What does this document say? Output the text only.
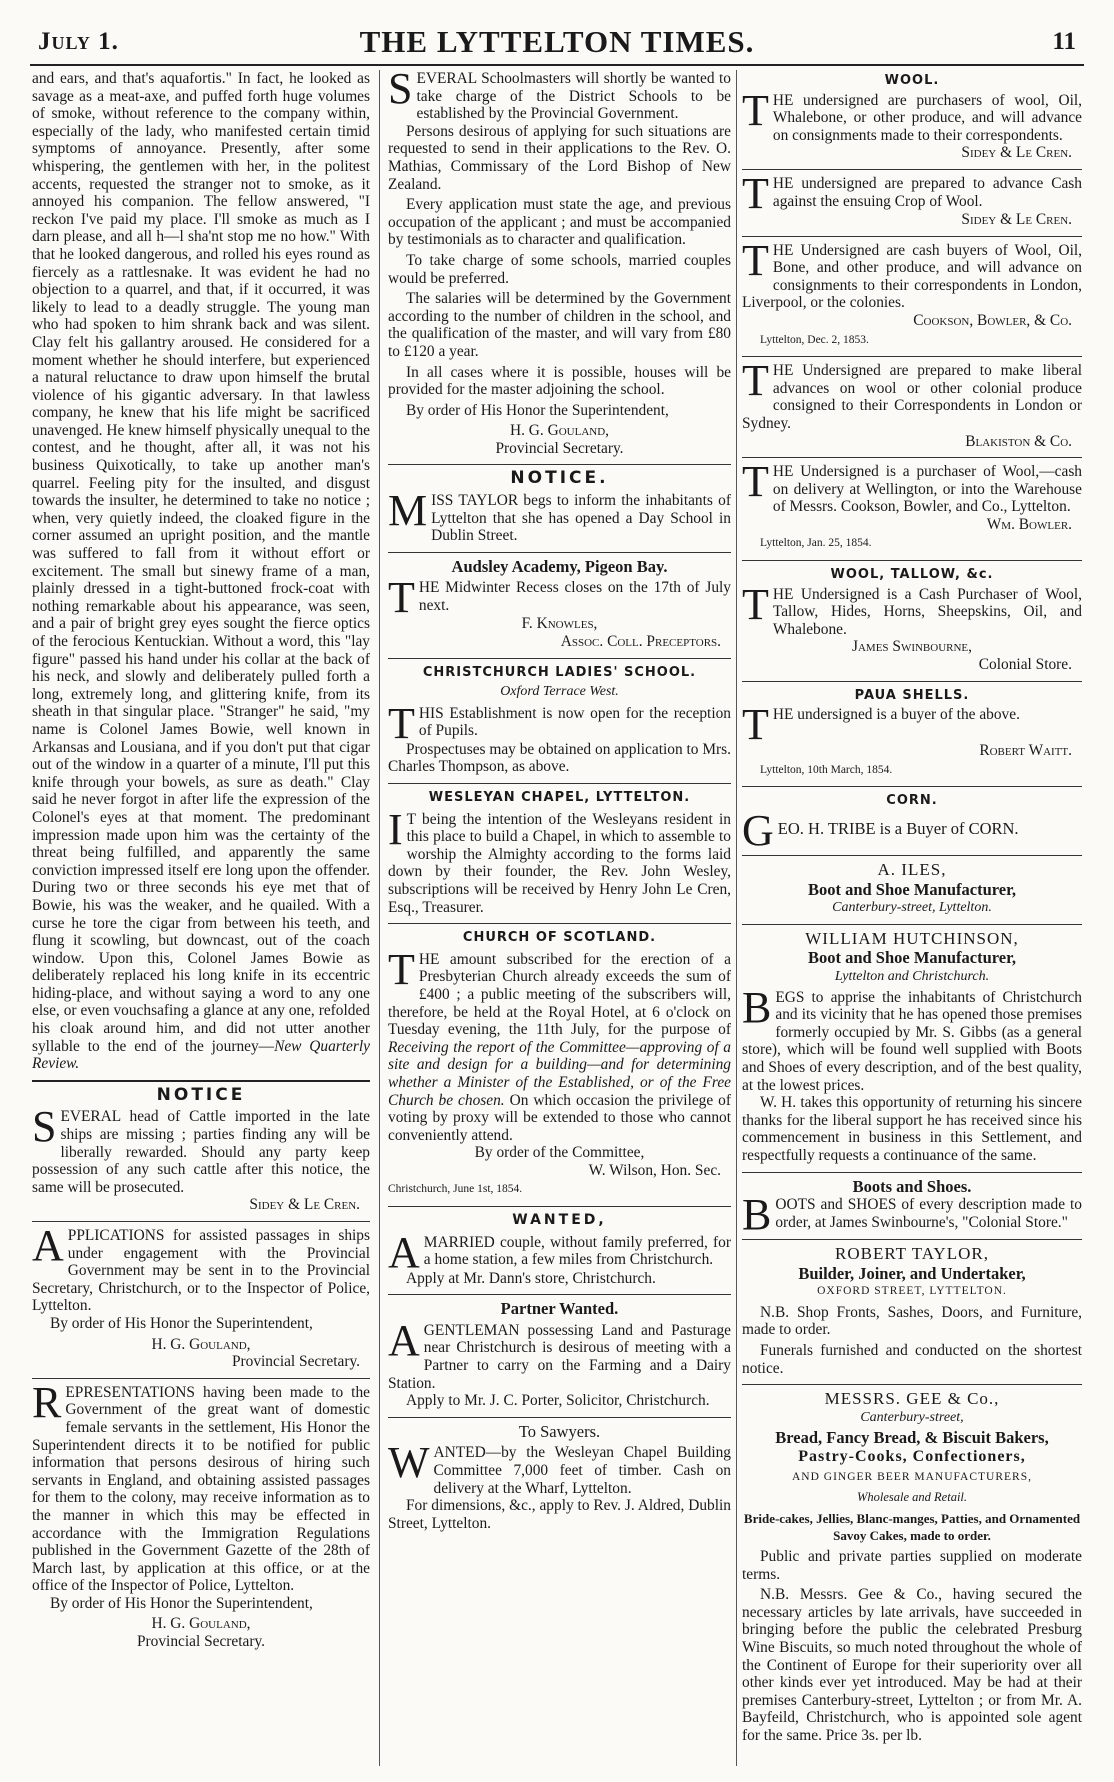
July 1.	THE LYTTELTON TIMES.	11

and ears, and that's aquafortis." In fact, he looked as savage as a meat-axe, and puffed forth huge volumes of smoke, without reference to the company within, especially of the lady, who manifested certain timid symptoms of annoyance. Presently, after some whispering, the gentlemen with her, in the politest accents, requested the stranger not to smoke, as it annoyed his companion. The fellow answered, "I reckon I've paid my place. I'll smoke as much as I darn please, and all h—l sha'nt stop me no how." With that he looked dangerous, and rolled his eyes round as fiercely as a rattlesnake. It was evident he had no objection to a quarrel, and that, if it occurred, it was likely to lead to a deadly struggle. The young man who had spoken to him shrank back and was silent. Clay felt his gallantry aroused. He considered for a moment whether he should interfere, but experienced a natural reluctance to draw upon himself the brutal violence of his gigantic adversary. In that lawless company, he knew that his life might be sacrificed unavenged. He knew himself physically unequal to the contest, and he thought, after all, it was not his business Quixotically, to take up another man's quarrel. Feeling pity for the insulted, and disgust towards the insulter, he determined to take no notice ; when, very quietly indeed, the cloaked figure in the corner assumed an upright position, and the mantle was suffered to fall from it without effort or excitement. The small but sinewy frame of a man, plainly dressed in a tight-buttoned frock-coat with nothing remarkable about his appearance, was seen, and a pair of bright grey eyes sought the fierce optics of the ferocious Kentuckian. Without a word, this "lay figure" passed his hand under his collar at the back of his neck, and slowly and deliberately pulled forth a long, extremely long, and glittering knife, from its sheath in that singular place. "Stranger" he said, "my name is Colonel James Bowie, well known in Arkansas and Lousiana, and if you don't put that cigar out of the window in a quarter of a minute, I'll put this knife through your bowels, as sure as death." Clay said he never forgot in after life the expression of the Colonel's eyes at that moment. The predominant impression made upon him was the certainty of the threat being fulfilled, and apparently the same conviction impressed itself ere long upon the offender. During two or three seconds his eye met that of Bowie, his was the weaker, and he quailed. With a curse he tore the cigar from between his teeth, and flung it scowling, but downcast, out of the coach window. Upon this, Colonel James Bowie as deliberately replaced his long knife in its eccentric hiding-place, and without saying a word to any one else, or even vouchsafing a glance at any one, refolded his cloak around him, and did not utter another syllable to the end of the journey—New Quarterly Review.

NOTICE
S EVERAL head of Cattle imported in the late ships are missing ; parties finding any will be liberally rewarded. Should any party keep possession of any such cattle after this notice, the same will be prosecuted.

Sidey & Le Cren.

A PPLICATIONS for assisted passages in ships under engagement with the Provincial Government may be sent in to the Provincial Secretary, Christchurch, or to the Inspector of Police, Lyttelton.

By order of His Honor the Superintendent,

H. G. Gouland,

Provincial Secretary.

R EPRESENTATIONS having been made to the Government of the great want of domestic female servants in the settlement, His Honor the Superintendent directs it to be notified for public information that persons desirous of hiring such servants in England, and obtaining assisted passages for them to the colony, may receive information as to the manner in which this may be effected in accordance with the Immigration Regulations published in the Government Gazette of the 28th of March last, by application at this office, or at the office of the Inspector of Police, Lyttelton.

By order of His Honor the Superintendent,

H. G. Gouland,

Provincial Secretary.

S EVERAL Schoolmasters will shortly be wanted to take charge of the District Schools to be established by the Provincial Government.

Persons desirous of applying for such situations are requested to send in their applications to the Rev. O. Mathias, Commissary of the Lord Bishop of New Zealand.

Every application must state the age, and previous occupation of the applicant ; and must be accompanied by testimonials as to character and qualification.

To take charge of some schools, married couples would be preferred.

The salaries will be determined by the Government according to the number of children in the school, and the qualification of the master, and will vary from £80 to £120 a year.

In all cases where it is possible, houses will be provided for the master adjoining the school.

By order of His Honor the Superintendent,

H. G. Gouland,

Provincial Secretary.

NOTICE.
M ISS TAYLOR begs to inform the inhabitants of Lyttelton that she has opened a Day School in Dublin Street.

Audsley Academy, Pigeon Bay.
T HE Midwinter Recess closes on the 17th of July next.

F. Knowles,

Assoc. Coll. Preceptors.

CHRISTCHURCH LADIES' SCHOOL.
Oxford Terrace West.
T HIS Establishment is now open for the reception of Pupils.

Prospectuses may be obtained on application to Mrs. Charles Thompson, as above.

WESLEYAN CHAPEL, LYTTELTON.
I T being the intention of the Wesleyans resident in this place to build a Chapel, in which to assemble to worship the Almighty according to the forms laid down by their founder, the Rev. John Wesley, subscriptions will be received by Henry John Le Cren, Esq., Treasurer.

CHURCH OF SCOTLAND.
T HE amount subscribed for the erection of a Presbyterian Church already exceeds the sum of £400 ; a public meeting of the subscribers will, therefore, be held at the Royal Hotel, at 6 o'clock on Tuesday evening, the 11th July, for the purpose of Receiving the report of the Committee—approving of a site and design for a building—and for determining whether a Minister of the Established, or of the Free Church be chosen. On which occasion the privilege of voting by proxy will be extended to those who cannot conveniently attend.

By order of the Committee,

W. Wilson, Hon. Sec.

Christchurch, June 1st, 1854.

WANTED,
A MARRIED couple, without family preferred, for a home station, a few miles from Christchurch.

Apply at Mr. Dann's store, Christchurch.

Partner Wanted.
A GENTLEMAN possessing Land and Pasturage near Christchurch is desirous of meeting with a Partner to carry on the Farming and a Dairy Station.

Apply to Mr. J. C. Porter, Solicitor, Christchurch.

To Sawyers.
W ANTED—by the Wesleyan Chapel Building Committee 7,000 feet of timber. Cash on delivery at the Wharf, Lyttelton.

For dimensions, &c., apply to Rev. J. Aldred, Dublin Street, Lyttelton.

WOOL.
T HE undersigned are purchasers of wool, Oil, Whalebone, or other produce, and will advance on consignments made to their correspondents.

Sidey & Le Cren.

T HE undersigned are prepared to advance Cash against the ensuing Crop of Wool.

Sidey & Le Cren.

T HE Undersigned are cash buyers of Wool, Oil, Bone, and other produce, and will advance on consignments to their correspondents in London, Liverpool, or the colonies.

Cookson, Bowler, & Co.

Lyttelton, Dec. 2, 1853.

T HE Undersigned are prepared to make liberal advances on wool or other colonial produce consigned to their Correspondents in London or Sydney.

Blakiston & Co.

T HE Undersigned is a purchaser of Wool,—cash on delivery at Wellington, or into the Warehouse of Messrs. Cookson, Bowler, and Co., Lyttelton.

Wm. Bowler.

Lyttelton, Jan. 25, 1854.

WOOL, TALLOW, &c.
T HE Undersigned is a Cash Purchaser of Wool, Tallow, Hides, Horns, Sheepskins, Oil, and Whalebone.

James Swinbourne,

Colonial Store.

PAUA SHELLS.
T HE undersigned is a buyer of the above.

Robert Waitt.

Lyttelton, 10th March, 1854.

CORN.
G EO. H. TRIBE is a Buyer of CORN.

A. ILES,
Boot and Shoe Manufacturer,
Canterbury-street, Lyttelton.
WILLIAM HUTCHINSON,
Boot and Shoe Manufacturer,
Lyttelton and Christchurch.
B EGS to apprise the inhabitants of Christchurch and its vicinity that he has opened those premises formerly occupied by Mr. S. Gibbs (as a general store), which will be found well supplied with Boots and Shoes of every description, and of the best quality, at the lowest prices.

W. H. takes this opportunity of returning his sincere thanks for the liberal support he has received since his commencement in business in this Settlement, and respectfully requests a continuance of the same.

Boots and Shoes.
B OOTS and SHOES of every description made to order, at James Swinbourne's, "Colonial Store."

ROBERT TAYLOR,
Builder, Joiner, and Undertaker,
OXFORD STREET, LYTTELTON.

N.B. Shop Fronts, Sashes, Doors, and Furniture, made to order.

Funerals furnished and conducted on the shortest notice.

MESSRS. GEE & Co.,
Canterbury-street,
Bread, Fancy Bread, & Biscuit Bakers,
Pastry-Cooks, Confectioners,
AND GINGER BEER MANUFACTURERS,
Wholesale and Retail.

Bride-cakes, Jellies, Blanc-manges, Patties, and Ornamented Savoy Cakes, made to order.

Public and private parties supplied on moderate terms.

N.B. Messrs. Gee & Co., having secured the necessary articles by late arrivals, have succeeded in bringing before the public the celebrated Presburg Wine Biscuits, so much noted throughout the whole of the Continent of Europe for their superiority over all other kinds ever yet introduced. May be had at their premises Canterbury-street, Lyttelton ; or from Mr. A. Bayfeild, Christchurch, who is appointed sole agent for the same. Price 3s. per lb.
